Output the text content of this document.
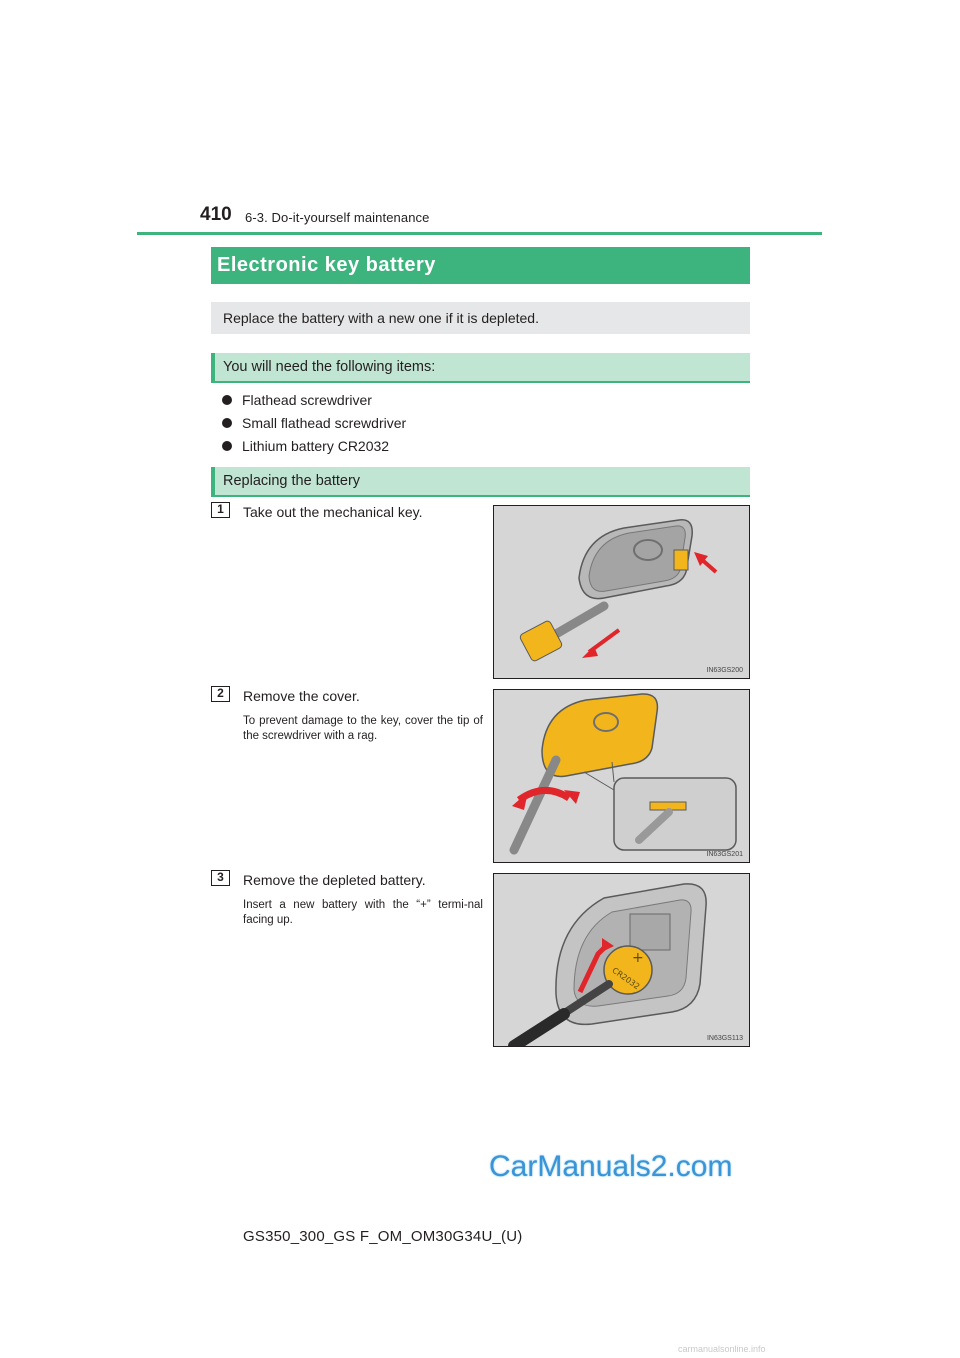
410 6-3. Do-it-yourself maintenance
Electronic key battery
Replace the battery with a new one if it is depleted.
You will need the following items:
Flathead screwdriver
Small flathead screwdriver
Lithium battery CR2032
Replacing the battery
1	Take out the mechanical key.
IN63GS200
2	Remove the cover.
To prevent damage to the key, cover the tip of the screwdriver with a rag.
IN63GS201
3	Remove the depleted battery.
Insert a new battery with the “+” termi-nal facing up.
+
CR2032
IN63GS113
CarManuals2.com
GS350_300_GS F_OM_OM30G34U_(U)
carmanualsonline.info
